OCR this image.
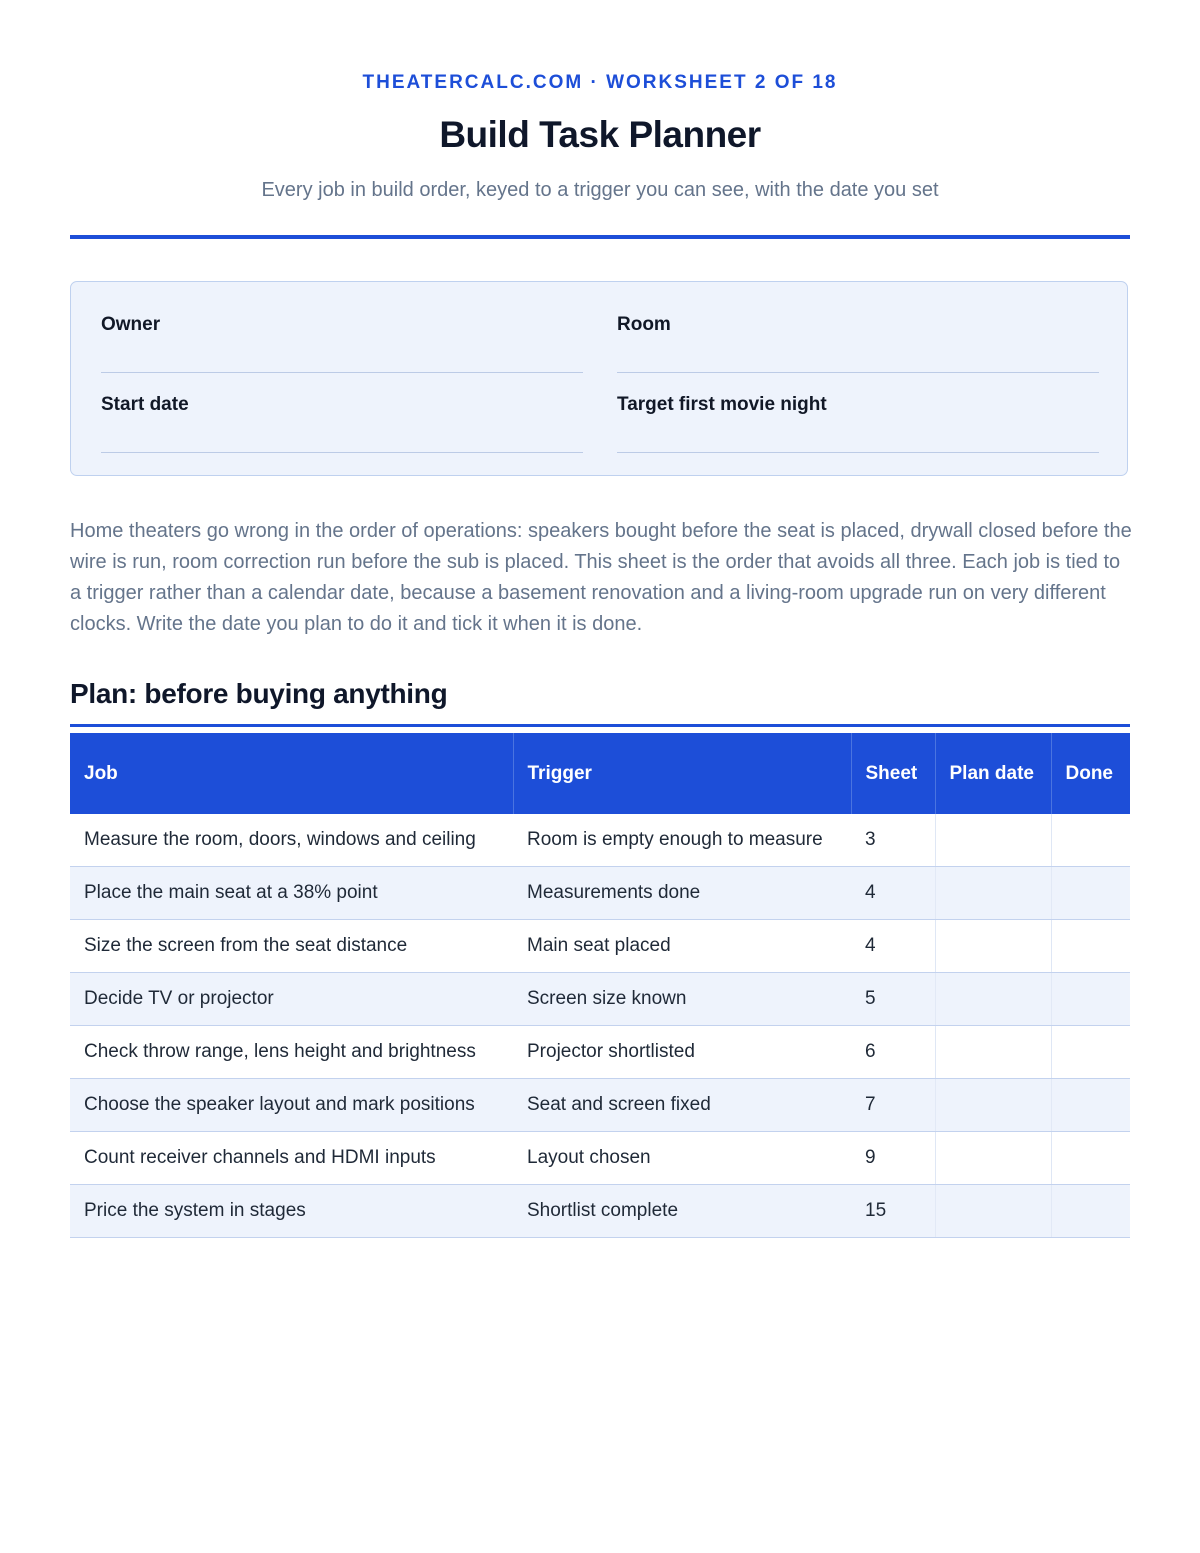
THEATERCALC.COM · WORKSHEET 2 OF 18
Build Task Planner
Every job in build order, keyed to a trigger you can see, with the date you set
Owner	Room
Start date	Target first movie night

Home theaters go wrong in the order of operations: speakers bought before the seat is placed, drywall closed before the wire is run, room correction run before the sub is placed. This sheet is the order that avoids all three. Each job is tied to a trigger rather than a calendar date, because a basement renovation and a living-room upgrade run on very different clocks. Write the date you plan to do it and tick it when it is done.

Plan: before buying anything
Job	Trigger	Sheet	Plan date	Done
Measure the room, doors, windows and ceiling	Room is empty enough to measure	3		
Place the main seat at a 38% point	Measurements done	4		
Size the screen from the seat distance	Main seat placed	4		
Decide TV or projector	Screen size known	5		
Check throw range, lens height and brightness	Projector shortlisted	6		
Choose the speaker layout and mark positions	Seat and screen fixed	7		
Count receiver channels and HDMI inputs	Layout chosen	9		
Price the system in stages	Shortlist complete	15		
